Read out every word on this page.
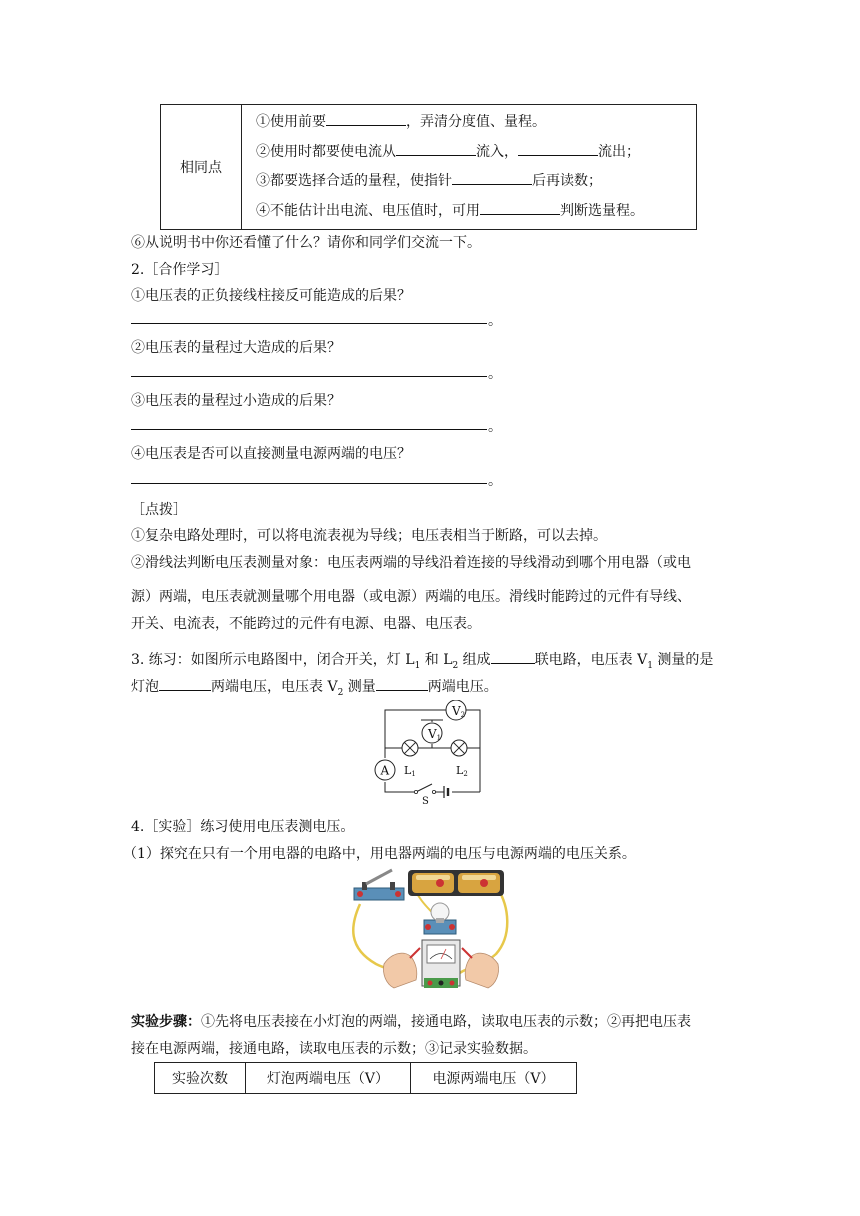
相同点	
①使用前要	，弄清分度值、量程。

②使用时都要使电流从	流入，	流出；

③都要选择合适的量程，使指针	后再读数；

④不能估计出电流、电压值时，可用	判断选量程。
⑥从说明书中你还看懂了什么？请你和同学们交流一下。
2.［合作学习］
①电压表的正负接线柱接反可能造成的后果？
。
②电压表的量程过大造成的后果？
。
③电压表的量程过小造成的后果？
。
④电压表是否可以直接测量电源两端的电压？
。
［点拨］
①复杂电路处理时，可以将电流表视为导线；电压表相当于断路，可以去掉。
②滑线法判断电压表测量对象：电压表两端的导线沿着连接的导线滑动到哪个用电器（或电
源）两端，电压表就测量哪个用电器（或电源）两端的电压。滑线时能跨过的元件有导线、
开关、电流表，不能跨过的元件有电源、电器、电压表。
3. 练习：如图所示电路图中，闭合开关，灯 $L_1$ 和 $L_2$ 组成	联电路，电压表 $V_1$ 测量的是
灯泡	两端电压，电压表 $V_2$ 测量	两端电压。
V2
V1
A L1	L2
S
4.［实验］练习使用电压表测电压。
（1）探究在只有一个用电器的电路中，用电器两端的电压与电源两端的电压关系。
实验步骤：①先将电压表接在小灯泡的两端，接通电路，读取电压表的示数；②再把电压表
接在电源两端，接通电路，读取电压表的示数；③记录实验数据。
实验次数	灯泡两端电压（V）	电源两端电压（V）
